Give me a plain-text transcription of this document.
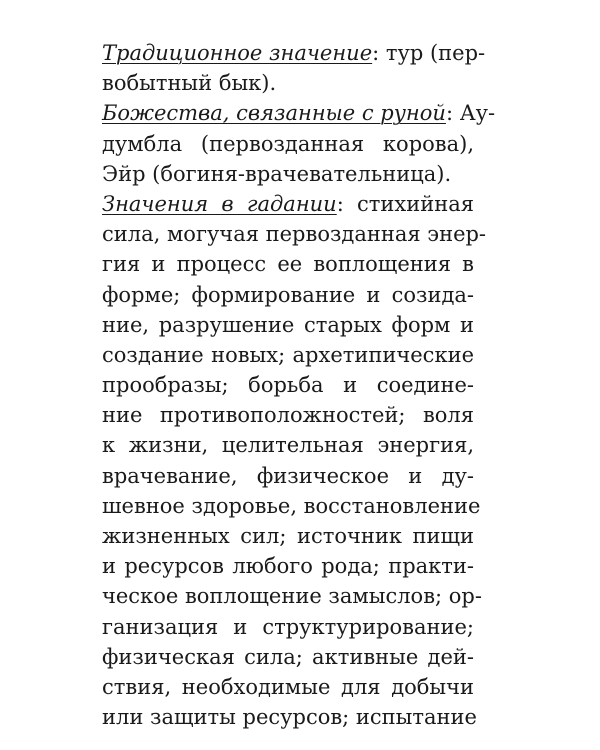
Традиционное значение: тур (пер-
вобытный бык).
Божества, связанные с руной: Ау-
думбла (первозданная корова),
Эйр (богиня-врачевательница).
Значения в гадании: стихийная
сила, могучая первозданная энер-
гия и процесс ее воплощения в
форме; формирование и созида-
ние, разрушение старых форм и
создание новых; архетипические
прообразы; борьба и соедине-
ние противоположностей; воля
к жизни, целительная энергия,
врачевание, физическое и ду-
шевное здоровье, восстановление
жизненных сил; источник пищи
и ресурсов любого рода; практи-
ческое воплощение замыслов; ор-
ганизация и структурирование;
физическая сила; активные дей-
ствия, необходимые для добычи
или защиты ресурсов; испытание
